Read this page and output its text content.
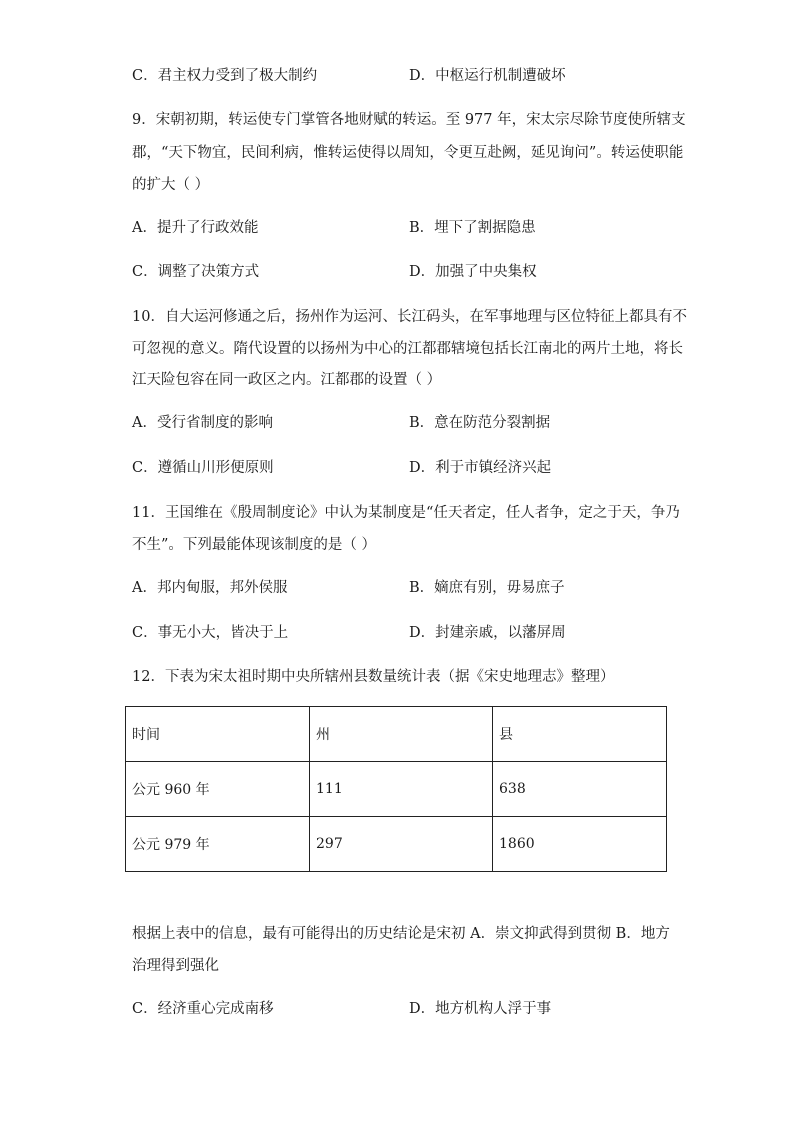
C．君主权力受到了极大制约	D．中枢运行机制遭破坏
9．宋朝初期，转运使专门掌管各地财赋的转运。至 977 年，宋太宗尽除节度使所辖支
郡，“天下物宜，民间利病，惟转运使得以周知，令更互赴阙，延见询问”。转运使职能
的扩大（ ）
A．提升了行政效能	B．埋下了割据隐患
C．调整了决策方式	D．加强了中央集权
10．自大运河修通之后，扬州作为运河、长江码头，在军事地理与区位特征上都具有不
可忽视的意义。隋代设置的以扬州为中心的江都郡辖境包括长江南北的两片土地，将长
江天险包容在同一政区之内。江都郡的设置（ ）
A．受行省制度的影响	B．意在防范分裂割据
C．遵循山川形便原则	D．利于市镇经济兴起
11．王国维在《殷周制度论》中认为某制度是“任天者定，任人者争，定之于天，争乃
不生”。下列最能体现该制度的是（ ）
A．邦内甸服，邦外侯服	B．嫡庶有别，毋易庶子
C．事无小大，皆决于上	D．封建亲戚，以藩屏周
12．下表为宋太祖时期中央所辖州县数量统计表（据《宋史地理志》整理）
时间	州	县
公元 960 年	111	638
公元 979 年	297	1860
根据上表中的信息，最有可能得出的历史结论是宋初 A．崇文抑武得到贯彻 B．地方
治理得到强化
C．经济重心完成南移	D．地方机构人浮于事
